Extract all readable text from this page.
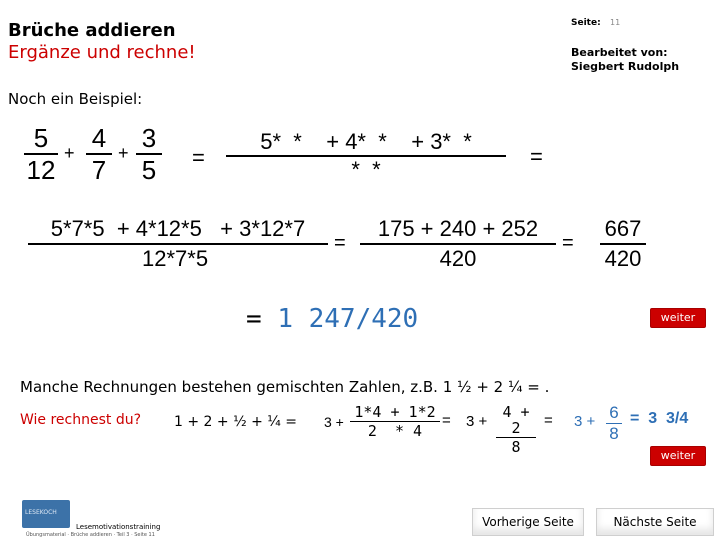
Brüche addieren
Ergänze und rechne!
Seite: 11
Bearbeitet von:
Siegbert Rudolph
Noch ein Beispiel:
5
12
+ 4
7
+ 3
5 =
5*  *    + 4*  *    + 3*  *
*  *
=
5*7*5  + 4*12*5   + 3*12*7
12*7*5
=
175 + 240 + 252
420
=
667
420
= 1 247/420	weiter
Manche Rechnungen bestehen gemischten Zahlen, z.B. 1 ½ + 2 ¼ = .
Wie rechnest du? 1 + 2 + ½ + ¼ = 3 +
1*4 + 1*2
2  * 4
= 3 +
4 + 2
8
= 3 + 6
8
=  3  3/4
weiter
LESEKOCH
Lesemotivationstraining
Übungsmaterial · Brüche addieren · Teil 3 · Seite 11
Vorherige Seite	Nächste Seite
